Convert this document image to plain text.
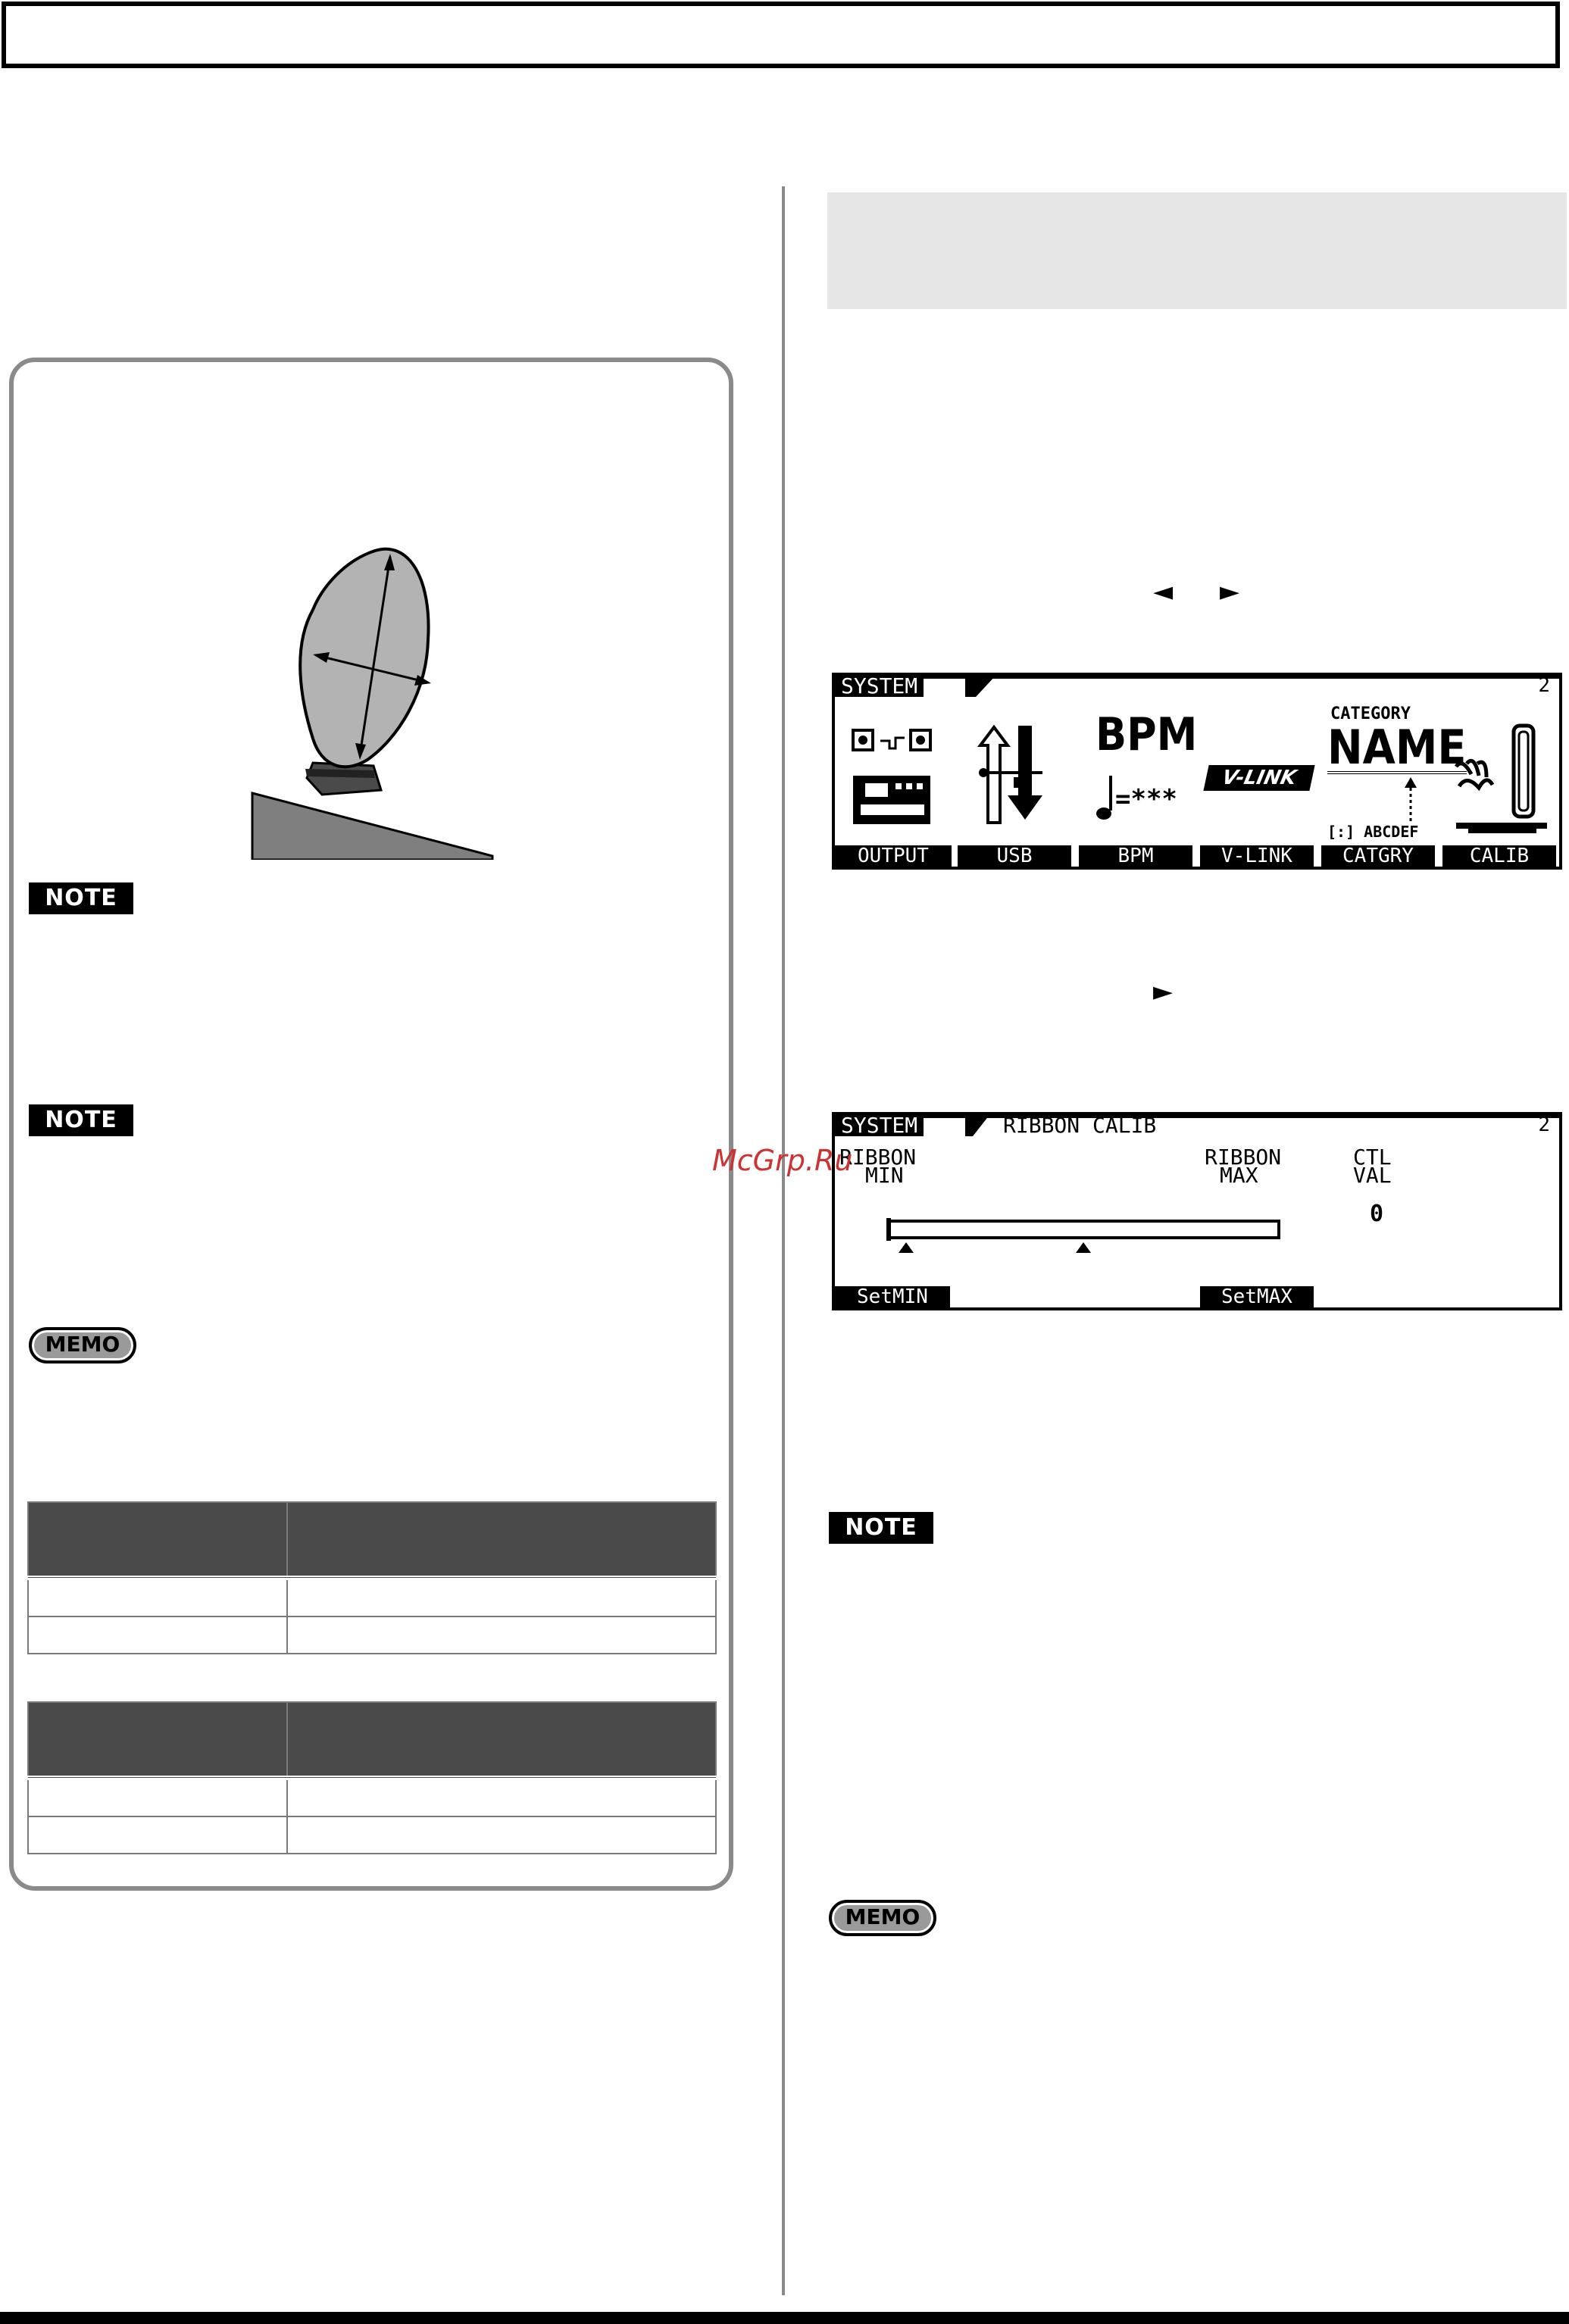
NOTE
NOTE
MEMO

◄ ►
SYSTEM	2
BPM
=***
V-LINK
CATEGORY
NAME
[:] ABCDEF
OUTPUT	USB	BPM	V-LINK	CATGRY	CALIB
►
SYSTEM	RIBBON CALIB	2
RIBBON
MIN
RIBBON
MAX
CTL
VAL
0
SetMIN	SetMAX
McGrp.Ru
NOTE
MEMO
